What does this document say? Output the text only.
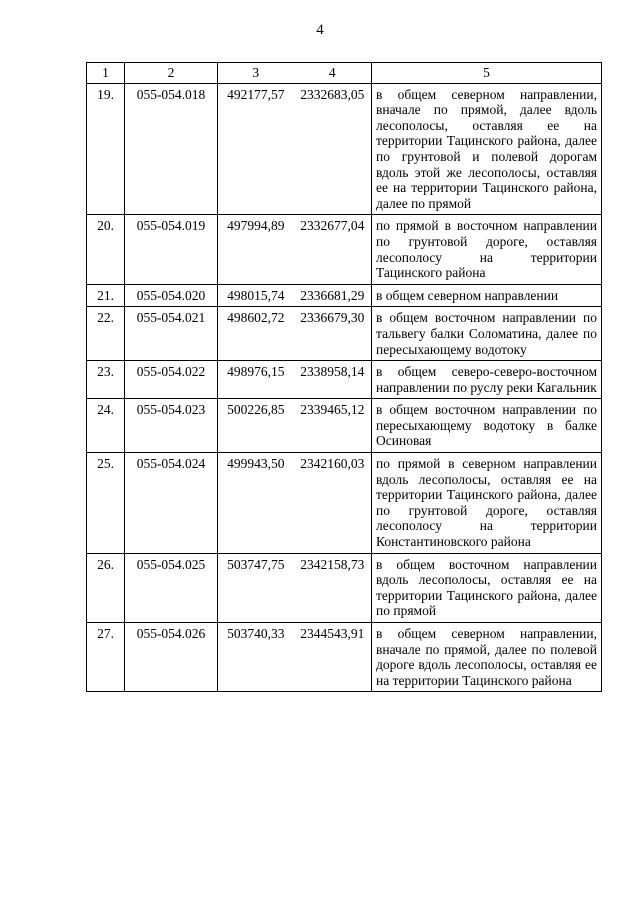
4
1	2	3	4	5
19.	055-054.018	492177,57	2332683,05	в общем северном направлении, вначале по прямой, далее вдоль лесополосы, оставляя ее на территории Тацинского района, далее по грунтовой и полевой дорогам вдоль этой же лесополосы, оставляя ее на территории Тацинского района, далее по прямой
20.	055-054.019	497994,89	2332677,04	по прямой в восточном направлении по грунтовой дороге, оставляя лесополосу на территории Тацинского района
21.	055-054.020	498015,74	2336681,29	в общем северном направлении
22.	055-054.021	498602,72	2336679,30	в общем восточном направлении по тальвегу балки Соломатина, далее по пересыхающему водотоку
23.	055-054.022	498976,15	2338958,14	в общем северо-северо-восточном направлении по руслу реки Кагальник
24.	055-054.023	500226,85	2339465,12	в общем восточном направлении по пересыхающему водотоку в балке Осиновая
25.	055-054.024	499943,50	2342160,03	по прямой в северном направлении вдоль лесополосы, оставляя ее на территории Тацинского района, далее по грунтовой дороге, оставляя лесополосу на территории Константиновского района
26.	055-054.025	503747,75	2342158,73	в общем восточном направлении вдоль лесополосы, оставляя ее на территории Тацинского района, далее по прямой
27.	055-054.026	503740,33	2344543,91	в общем северном направлении, вначале по прямой, далее по полевой дороге вдоль лесополосы, оставляя ее на территории Тацинского района
